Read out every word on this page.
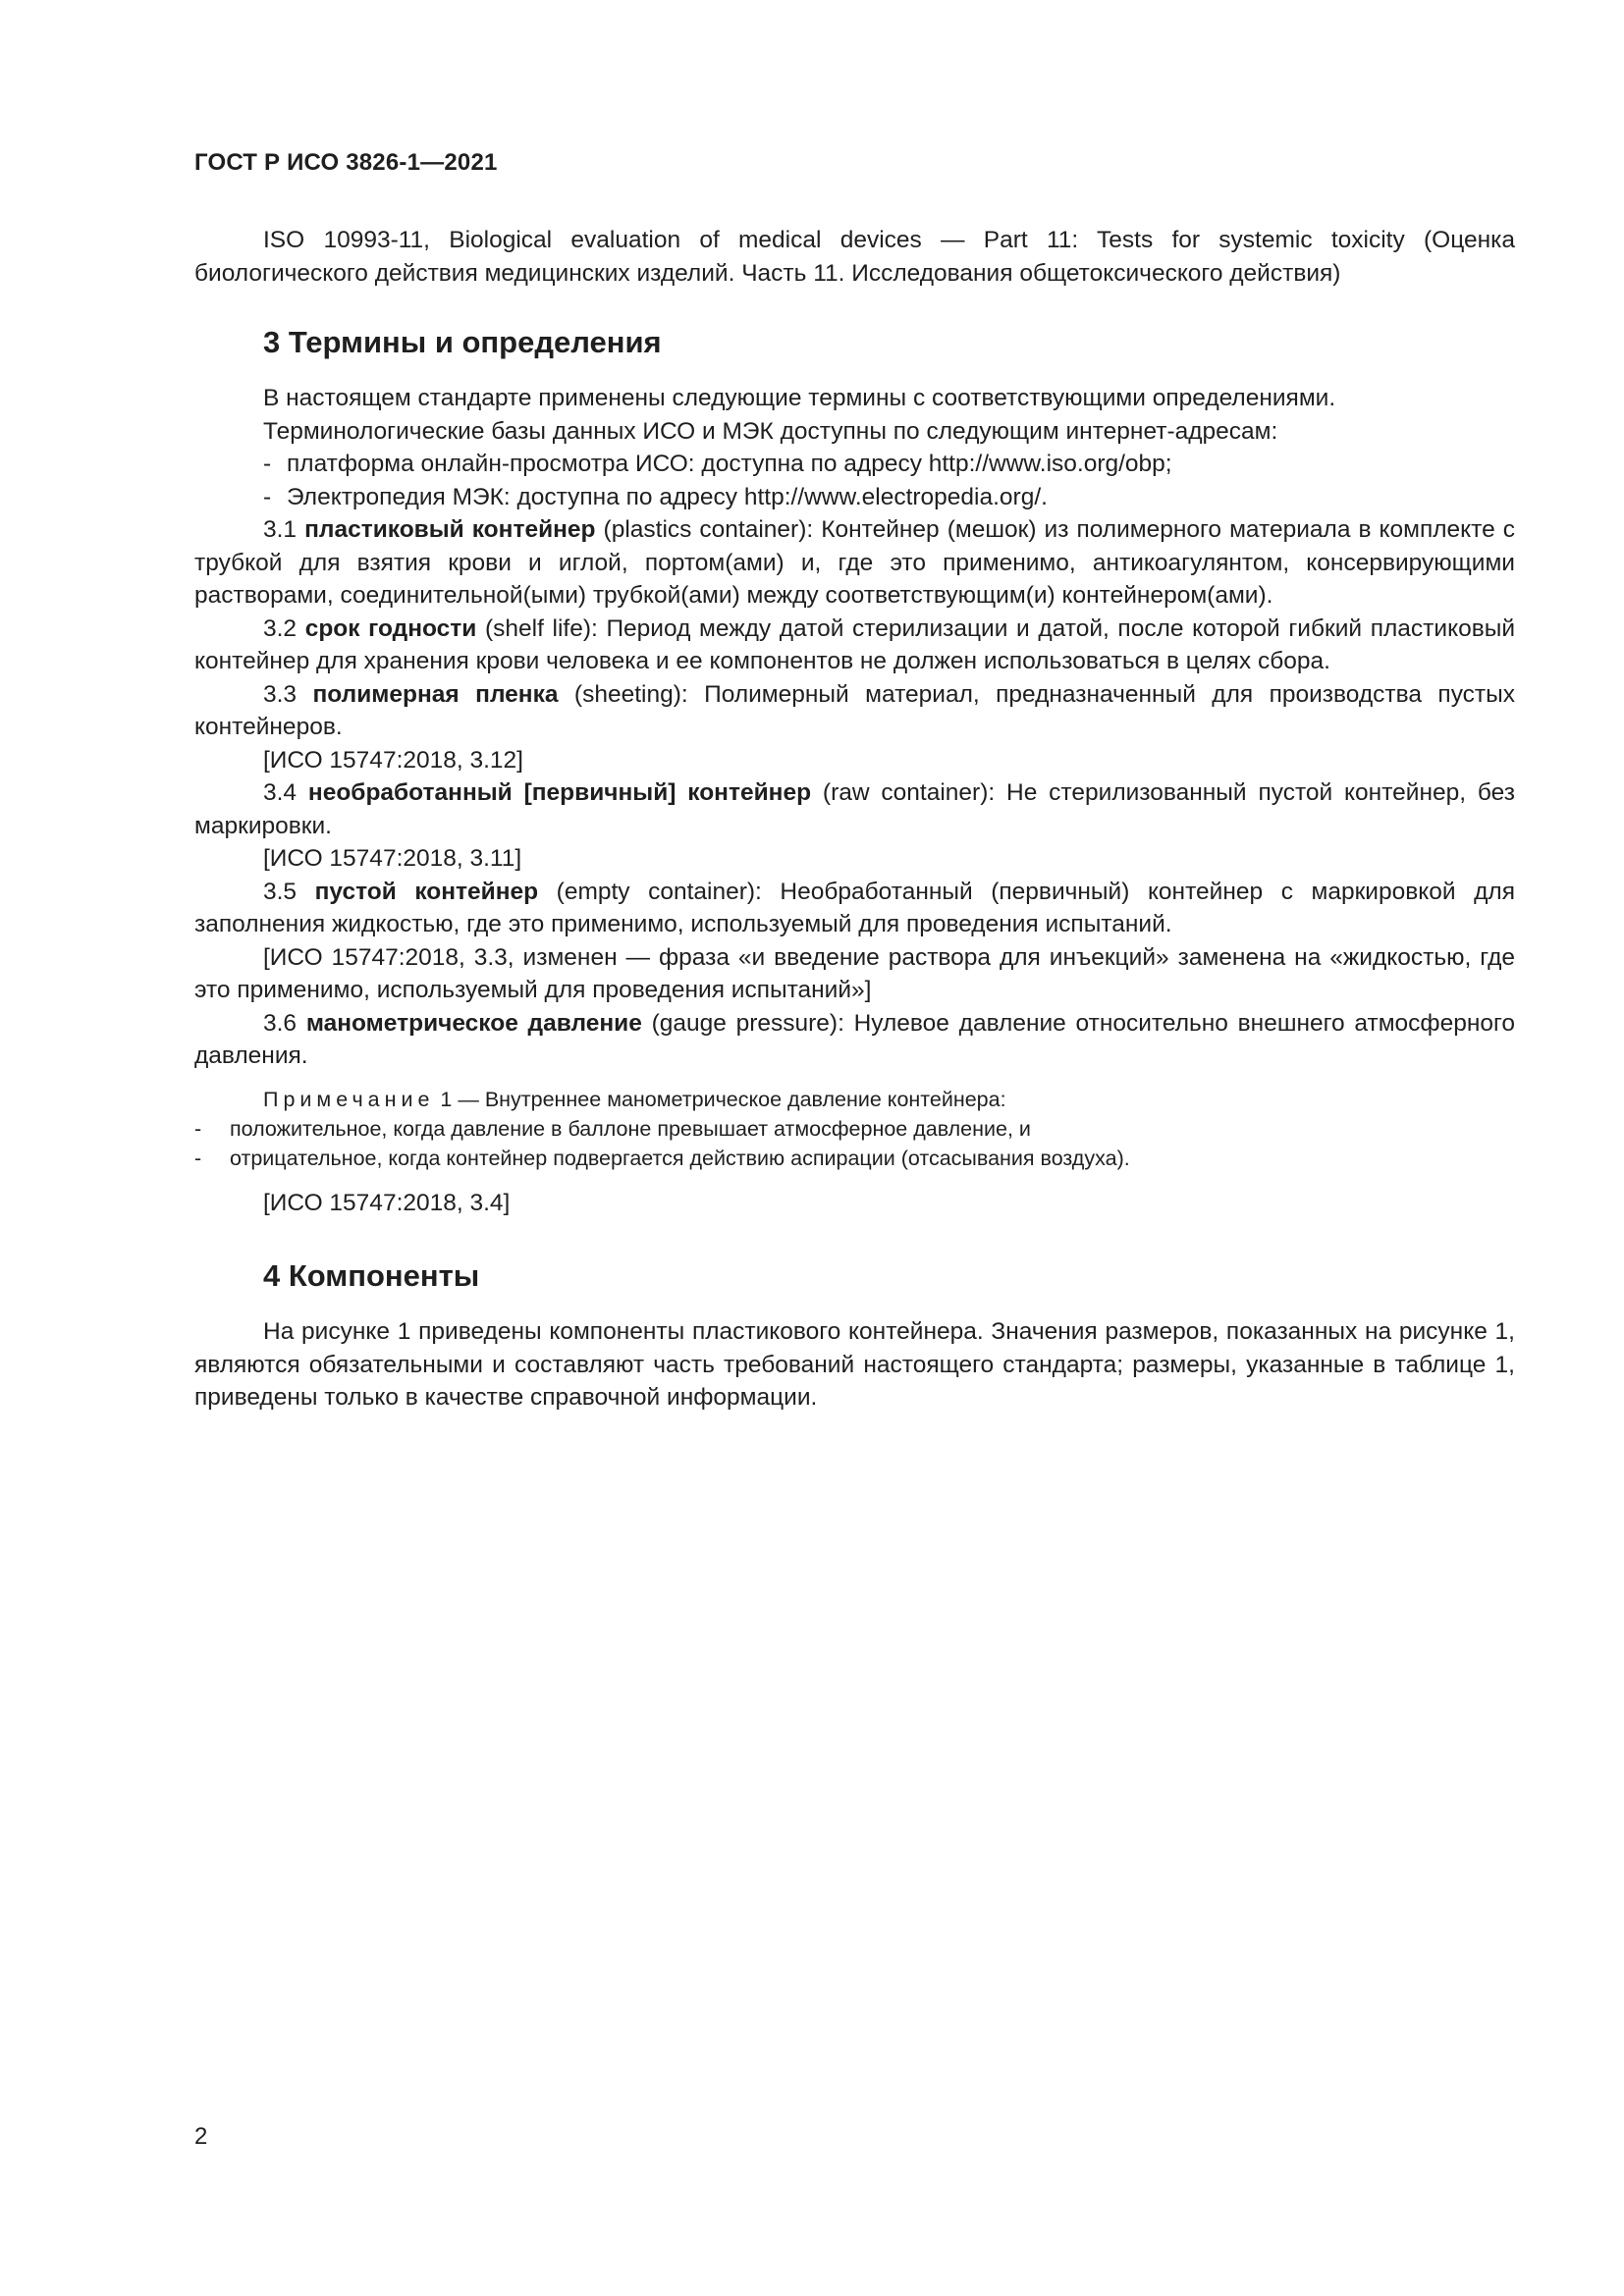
ГОСТ Р ИСО 3826-1—2021

ISO 10993-11, Biological evaluation of medical devices — Part 11: Tests for systemic toxicity (Оценка биологического действия медицинских изделий. Часть 11. Исследования общетоксического действия)

3 Термины и определения

В настоящем стандарте применены следующие термины с соответствующими определениями.

Терминологические базы данных ИСО и МЭК доступны по следующим интернет-адресам:

- платформа онлайн-просмотра ИСО: доступна по адресу http://www.iso.org/obp;

- Электропедия МЭК: доступна по адресу http://www.electropedia.org/.

3.1 пластиковый контейнер (plastics container): Контейнер (мешок) из полимерного материала в комплекте с трубкой для взятия крови и иглой, портом(ами) и, где это применимо, антикоагулянтом, консервирующими растворами, соединительной(ыми) трубкой(ами) между соответствующим(и) контейнером(ами).

3.2 срок годности (shelf life): Период между датой стерилизации и датой, после которой гибкий пластиковый контейнер для хранения крови человека и ее компонентов не должен использоваться в целях сбора.

3.3 полимерная пленка (sheeting): Полимерный материал, предназначенный для производства пустых контейнеров.

[ИСО 15747:2018, 3.12]

3.4 необработанный [первичный] контейнер (raw container): Не стерилизованный пустой контейнер, без маркировки.

[ИСО 15747:2018, 3.11]

3.5 пустой контейнер (empty container): Необработанный (первичный) контейнер с маркировкой для заполнения жидкостью, где это применимо, используемый для проведения испытаний.

[ИСО 15747:2018, 3.3, изменен — фраза «и введение раствора для инъекций» заменена на «жидкостью, где это применимо, используемый для проведения испытаний»]

3.6 манометрическое давление (gauge pressure): Нулевое давление относительно внешнего атмосферного давления.

Примечание 1 — Внутреннее манометрическое давление контейнера:

-	положительное, когда давление в баллоне превышает атмосферное давление, и

-	отрицательное, когда контейнер подвергается действию аспирации (отсасывания воздуха).

[ИСО 15747:2018, 3.4]

4 Компоненты

На рисунке 1 приведены компоненты пластикового контейнера. Значения размеров, показанных на рисунке 1, являются обязательными и составляют часть требований настоящего стандарта; размеры, указанные в таблице 1, приведены только в качестве справочной информации.

2
